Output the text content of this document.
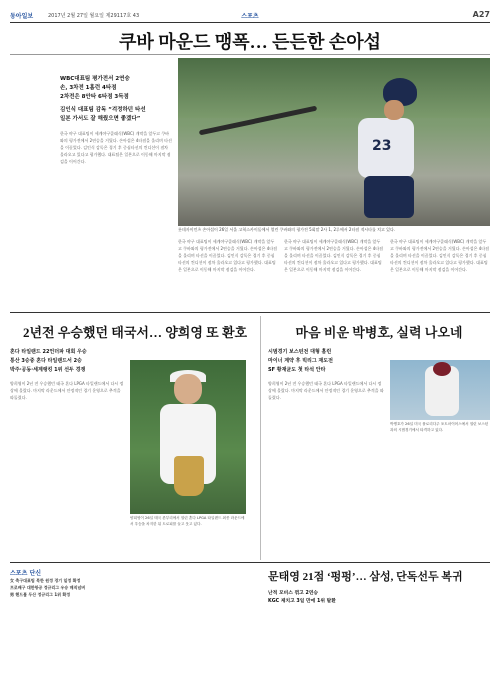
동아일보	2017년 2월 27일 월요일 제29117호 43	스포츠	A27
쿠바 마운드 맹폭… 든든한 손아섭
WBC대표팀 평가전서 2연승
손, 3차전 1홈런 4타점
2차전은 8안타 6타점 3득점
김인식 대표팀 감독 “걱정하던 타선
일본 가서도 잘 해줬으면 좋겠다”
한국 야구 대표팀이 세계야구클래식(WBC) 개막을 앞두고 쿠바와의 평가전에서 2연승을 거뒀다. 손아섭은 4타점을 올리며 타선을 이끌었다. 김인식 감독은 경기 후 중심타선의 컨디션이 점차 올라오고 있다고 평가했다. 대표팀은 일본으로 이동해 마지막 점검을 이어간다.
23
롯데자이언츠 손아섭이 26일 서울 고척스카이돔에서 열린 쿠바와의 평가전 5회말 2사 1, 2루에서 2타점 적시타를 치고 있다.
한국 야구 대표팀이 세계야구클래식(WBC) 개막을 앞두고 쿠바와의 평가전에서 2연승을 거뒀다. 손아섭은 4타점을 올리며 타선을 이끌었다. 김인식 감독은 경기 후 중심타선의 컨디션이 점차 올라오고 있다고 평가했다. 대표팀은 일본으로 이동해 마지막 점검을 이어간다.
한국 야구 대표팀이 세계야구클래식(WBC) 개막을 앞두고 쿠바와의 평가전에서 2연승을 거뒀다. 손아섭은 4타점을 올리며 타선을 이끌었다. 김인식 감독은 경기 후 중심타선의 컨디션이 점차 올라오고 있다고 평가했다. 대표팀은 일본으로 이동해 마지막 점검을 이어간다.
한국 야구 대표팀이 세계야구클래식(WBC) 개막을 앞두고 쿠바와의 평가전에서 2연승을 거뒀다. 손아섭은 4타점을 올리며 타선을 이끌었다. 김인식 감독은 경기 후 중심타선의 컨디션이 점차 올라오고 있다고 평가했다. 대표팀은 일본으로 이동해 마지막 점검을 이어간다.
2년전 우승했던 태국서… 양희영 또 환호
혼다 타일랜드 22언더파 대회 우승
통산 3승중 혼다 타일랜드서 2승
박주·공동·세계랭킹 1위 선두 경쟁
양희영이 2년 전 우승했던 태국 혼다 LPGA 타일랜드에서 다시 정상에 올랐다. 마지막 라운드에서 안정적인 경기 운영으로 추격을 따돌렸다.
양희영이 26일 태국 촌부리에서 열린 혼다 LPGA 타일랜드 최종 라운드에서 우승을 차지한 뒤 트로피를 들고 웃고 있다.
마음 비운 박병호, 실력 나오네
시범경기 보스턴전 대형 홈런
마이너 계약 후 빅리그 재도전
SF 황재균도 첫 타석 안타
양희영이 2년 전 우승했던 태국 혼다 LPGA 타일랜드에서 다시 정상에 올랐다. 마지막 라운드에서 안정적인 경기 운영으로 추격을 따돌렸다.
박병호가 26일 미국 플로리다주 포트마이어스에서 열린 보스턴과의 시범경기에서 타격하고 있다.
스포츠 단신
女 축구대표팀 북한 원정 경기 일정 확정
프로배구 대한항공 정규리그 우승 매직넘버
男 핸드볼 두산 정규리그 1위 확정
문태영 21점 ‘펑펑’… 삼성, 단독선두 복귀
난적 모비스 꺾고 2연승
KGC 제치고 3일 만에 1위 탈환
